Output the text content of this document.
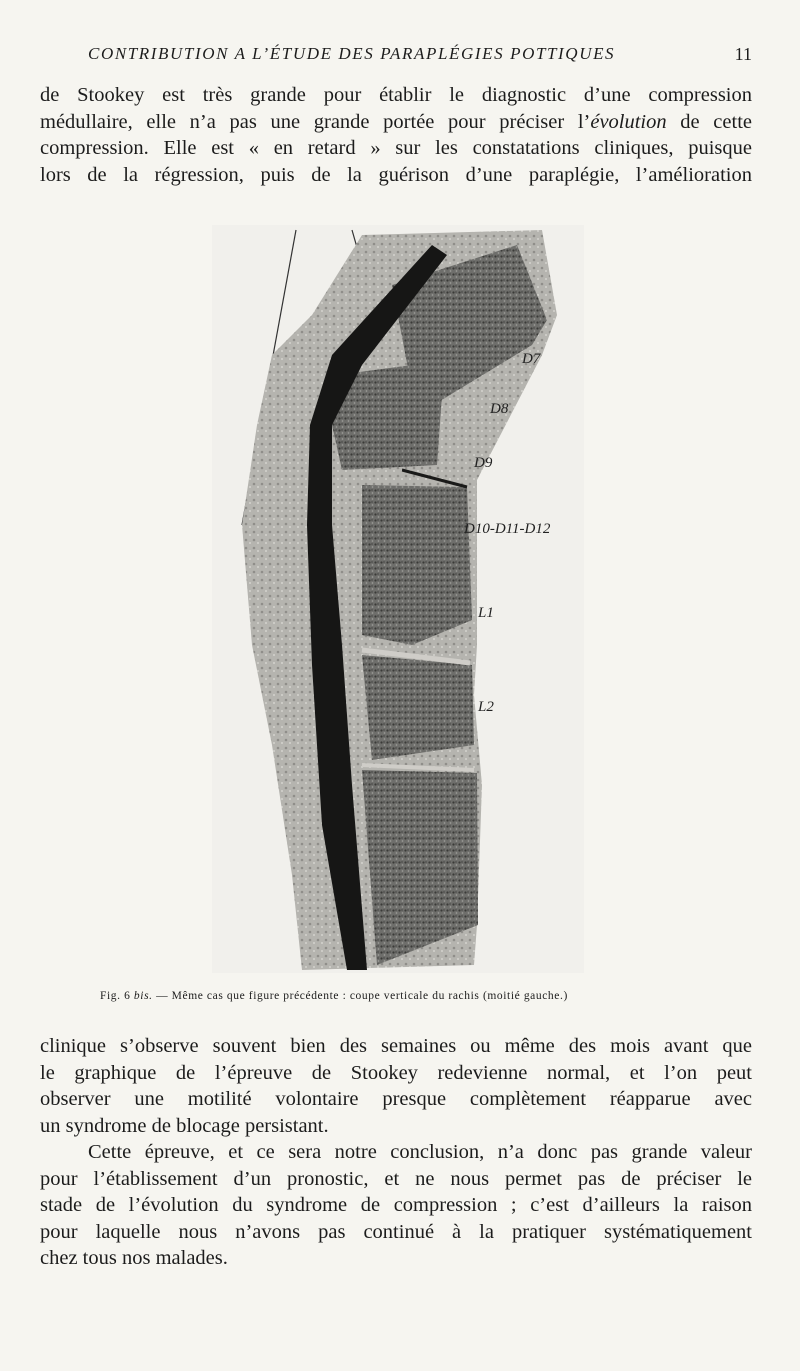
CONTRIBUTION A L’ÉTUDE DES PARAPLÉGIES POTTIQUES	11

de Stookey est très grande pour établir le diagnostic d’une compression
médullaire, elle n’a pas une grande portée pour préciser l’évolution de cette
compression. Elle est « en retard » sur les constatations cliniques, puisque
lors de la régression, puis de la guérison d’une paraplégie, l’amélioration

D7
D8
D9
D10-D11-D12
L1
L2
Fig. 6 bis. — Même cas que figure précédente : coupe verticale du rachis (moitié gauche.)

clinique s’observe souvent bien des semaines ou même des mois avant que
le graphique de l’épreuve de Stookey redevienne normal, et l’on peut
observer une motilité volontaire presque complètement réapparue avec
un syndrome de blocage persistant.
Cette épreuve, et ce sera notre conclusion, n’a donc pas grande valeur
pour l’établissement d’un pronostic, et ne nous permet pas de préciser le
stade de l’évolution du syndrome de compression ; c’est d’ailleurs la raison
pour laquelle nous n’avons pas continué à la pratiquer systématiquement
chez tous nos malades.
